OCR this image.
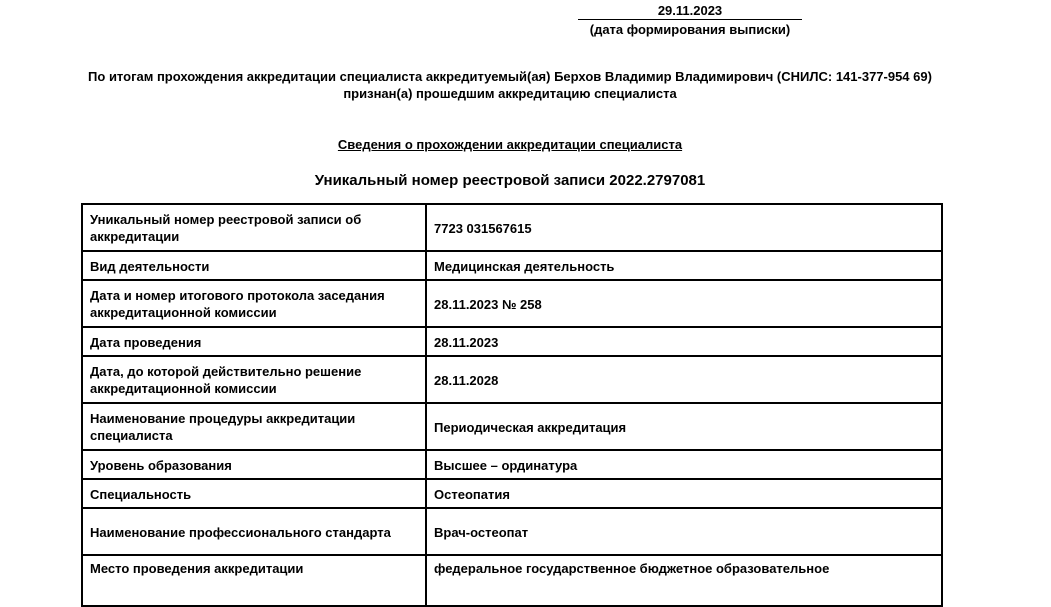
29.11.2023
(дата формирования выписки)
По итогам прохождения аккредитации специалиста аккредитуемый(ая) Берхов Владимир Владимирович (СНИЛС: 141-377-954 69) признан(а) прошедшим аккредитацию специалиста
Сведения о прохождении аккредитации специалиста
Уникальный номер реестровой записи 2022.2797081
Уникальный номер реестровой записи об аккредитации	7723 031567615
Вид деятельности	Медицинская деятельность
Дата и номер итогового протокола заседания аккредитационной комиссии	28.11.2023 № 258
Дата проведения	28.11.2023
Дата, до которой действительно решение аккредитационной комиссии	28.11.2028
Наименование процедуры аккредитации специалиста	Периодическая аккредитация
Уровень образования	Высшее – ординатура
Специальность	Остеопатия
Наименование профессионального стандарта	Врач-остеопат
Место проведения аккредитации	федеральное государственное бюджетное образовательное
